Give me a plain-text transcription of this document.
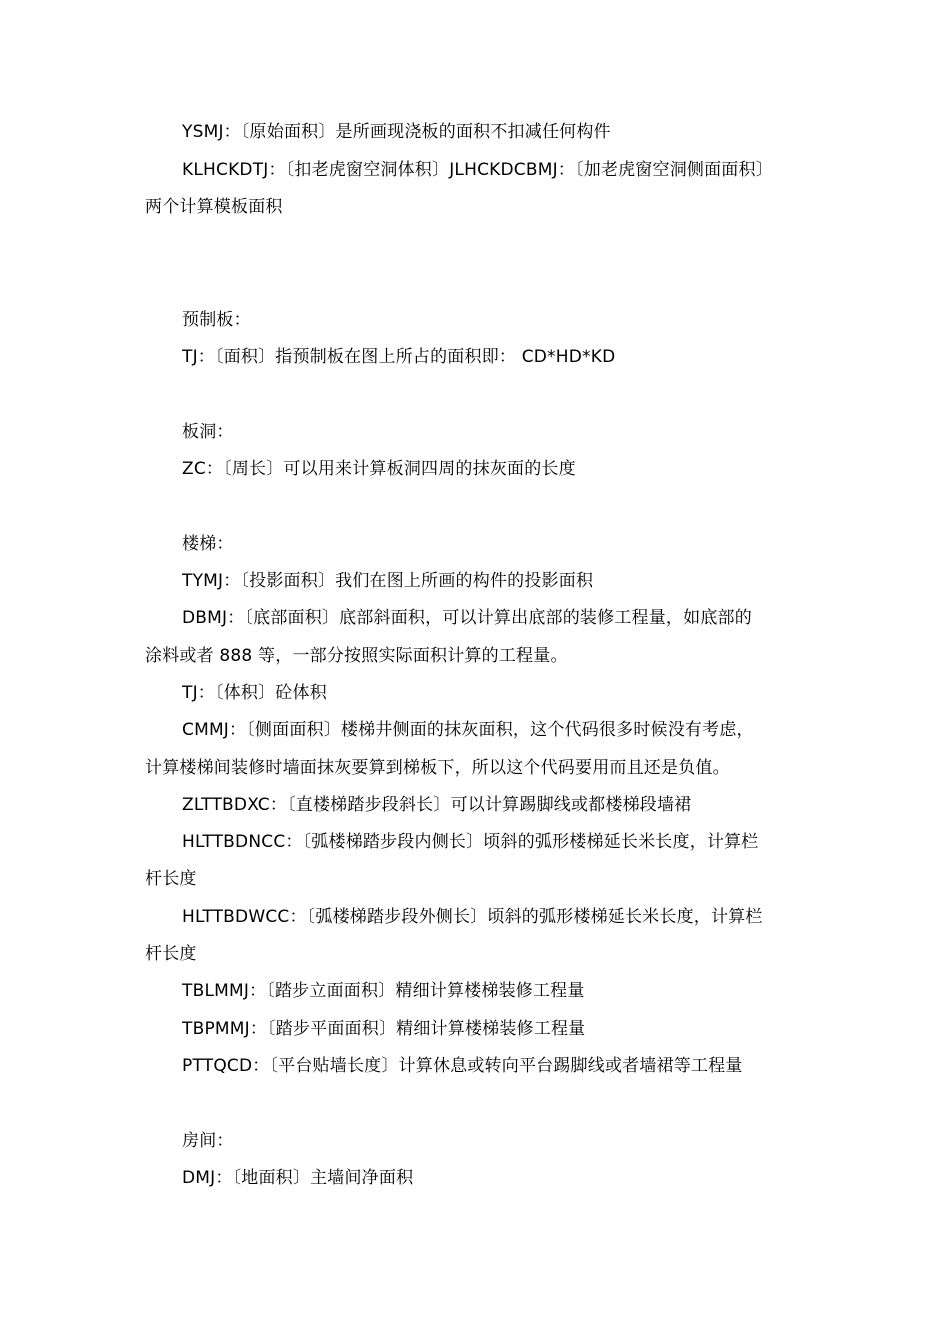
YSMJ：〔原始面积〕是所画现浇板的面积不扣减任何构件
KLHCKDTJ：〔扣老虎窗空洞体积〕JLHCKDCBMJ：〔加老虎窗空洞侧面面积〕
两个计算模板面积
预制板：
TJ：〔面积〕指预制板在图上所占的面积即： CD*HD*KD
板洞：
ZC：〔周长〕可以用来计算板洞四周的抹灰面的长度
楼梯：
TYMJ：〔投影面积〕我们在图上所画的构件的投影面积
DBMJ：〔底部面积〕底部斜面积，可以计算出底部的装修工程量，如底部的
涂料或者 888 等，一部分按照实际面积计算的工程量。
TJ：〔体积〕砼体积
CMMJ：〔侧面面积〕楼梯井侧面的抹灰面积，这个代码很多时候没有考虑，
计算楼梯间装修时墙面抹灰要算到梯板下，所以这个代码要用而且还是负值。
ZLTTBDXC：〔直楼梯踏步段斜长〕可以计算踢脚线或都楼梯段墙裙
HLTTBDNCC：〔弧楼梯踏步段内侧长〕顷斜的弧形楼梯延长米长度，计算栏
杆长度
HLTTBDWCC：〔弧楼梯踏步段外侧长〕顷斜的弧形楼梯延长米长度，计算栏
杆长度
TBLMMJ：〔踏步立面面积〕精细计算楼梯装修工程量
TBPMMJ：〔踏步平面面积〕精细计算楼梯装修工程量
PTTQCD：〔平台贴墙长度〕计算休息或转向平台踢脚线或者墙裙等工程量
房间：
DMJ：〔地面积〕主墙间净面积
